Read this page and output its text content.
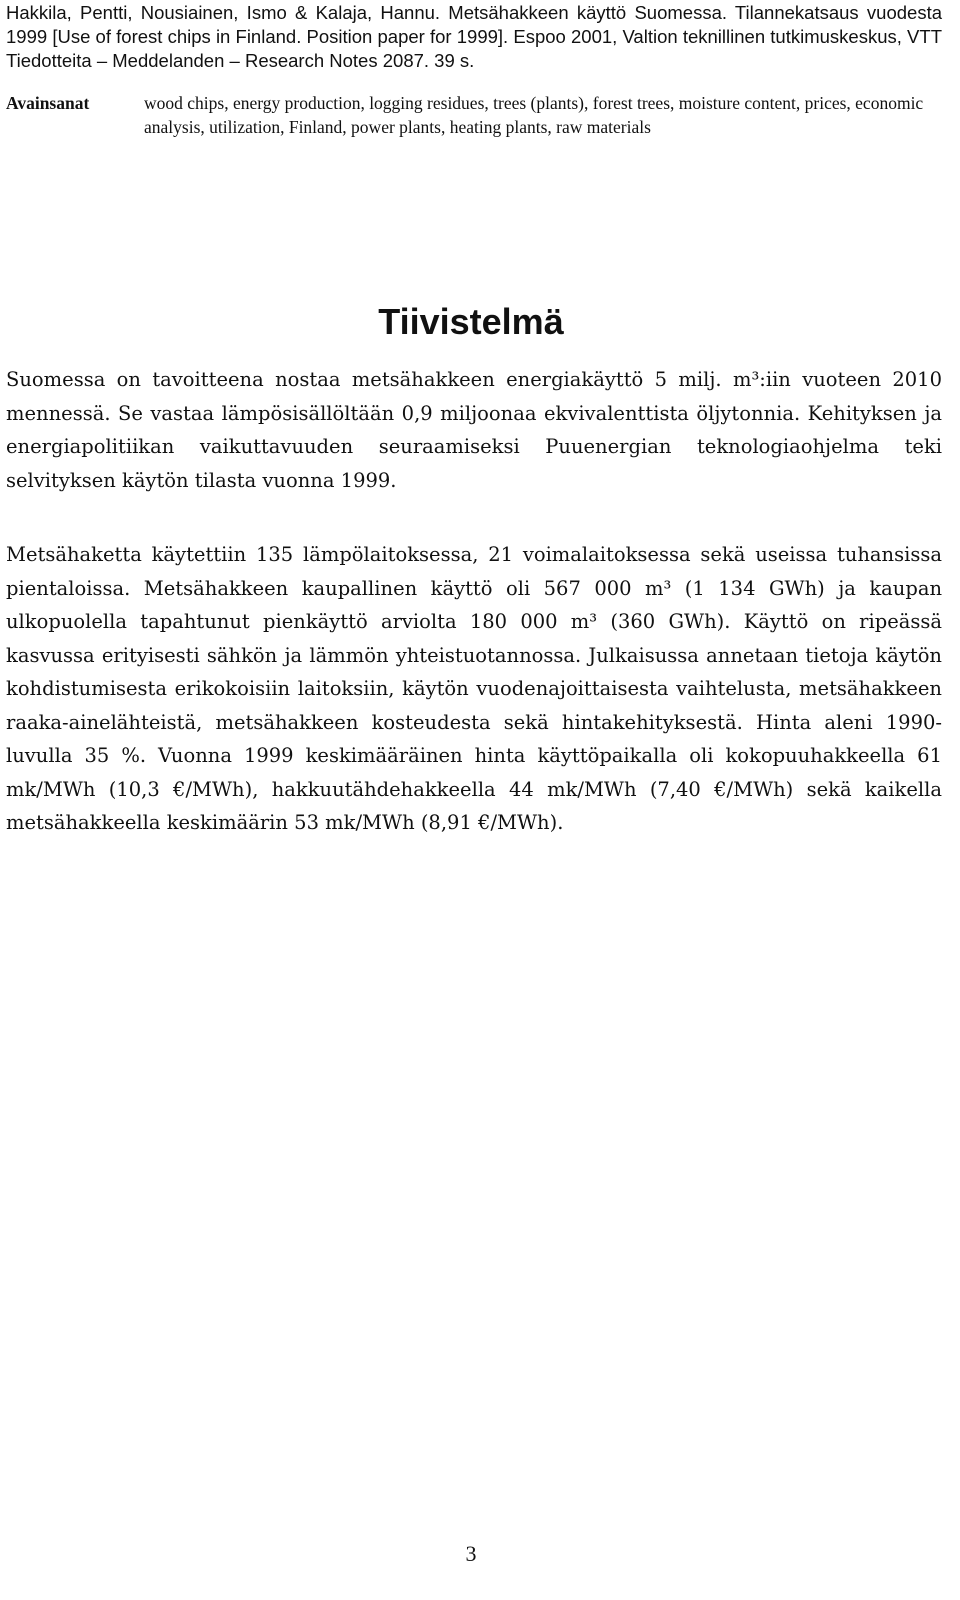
Hakkila, Pentti, Nousiainen, Ismo & Kalaja, Hannu. Metsähakkeen käyttö Suomessa. Tilannekatsaus vuodesta 1999 [Use of forest chips in Finland. Position paper for 1999]. Espoo 2001, Valtion teknillinen tutkimuskeskus, VTT Tiedotteita – Meddelanden – Research Notes 2087. 39 s.

Avainsanat	wood chips, energy production, logging residues, trees (plants), forest trees, moisture content, prices, economic analysis, utilization, Finland, power plants, heating plants, raw materials

Tiivistelmä

Suomessa on tavoitteena nostaa metsähakkeen energiakäyttö 5 milj. m³:iin vuoteen 2010 mennessä. Se vastaa lämpösisällöltään 0,9 miljoonaa ekvivalenttista öljytonnia. Kehityksen ja energiapolitiikan vaikuttavuuden seuraamiseksi Puuenergian teknologiaohjelma teki selvityksen käytön tilasta vuonna 1999.

Metsähaketta käytettiin 135 lämpölaitoksessa, 21 voimalaitoksessa sekä useissa tuhansissa pientaloissa. Metsähakkeen kaupallinen käyttö oli 567 000 m³ (1 134 GWh) ja kaupan ulkopuolella tapahtunut pienkäyttö arviolta 180 000 m³ (360 GWh). Käyttö on ripeässä kasvussa erityisesti sähkön ja lämmön yhteistuotannossa. Julkaisussa annetaan tietoja käytön kohdistumisesta erikokoisiin laitoksiin, käytön vuodenajoittaisesta vaihtelusta, metsähakkeen raaka-ainelähteistä, metsähakkeen kosteudesta sekä hintakehityksestä. Hinta aleni 1990-luvulla 35 %. Vuonna 1999 keskimääräinen hinta käyttöpaikalla oli kokopuuhakkeella 61 mk/MWh (10,3 €/MWh), hakkuutähdehakkeella 44 mk/MWh (7,40 €/MWh) sekä kaikella metsähakkeella keskimäärin 53 mk/MWh (8,91 €/MWh).

3
